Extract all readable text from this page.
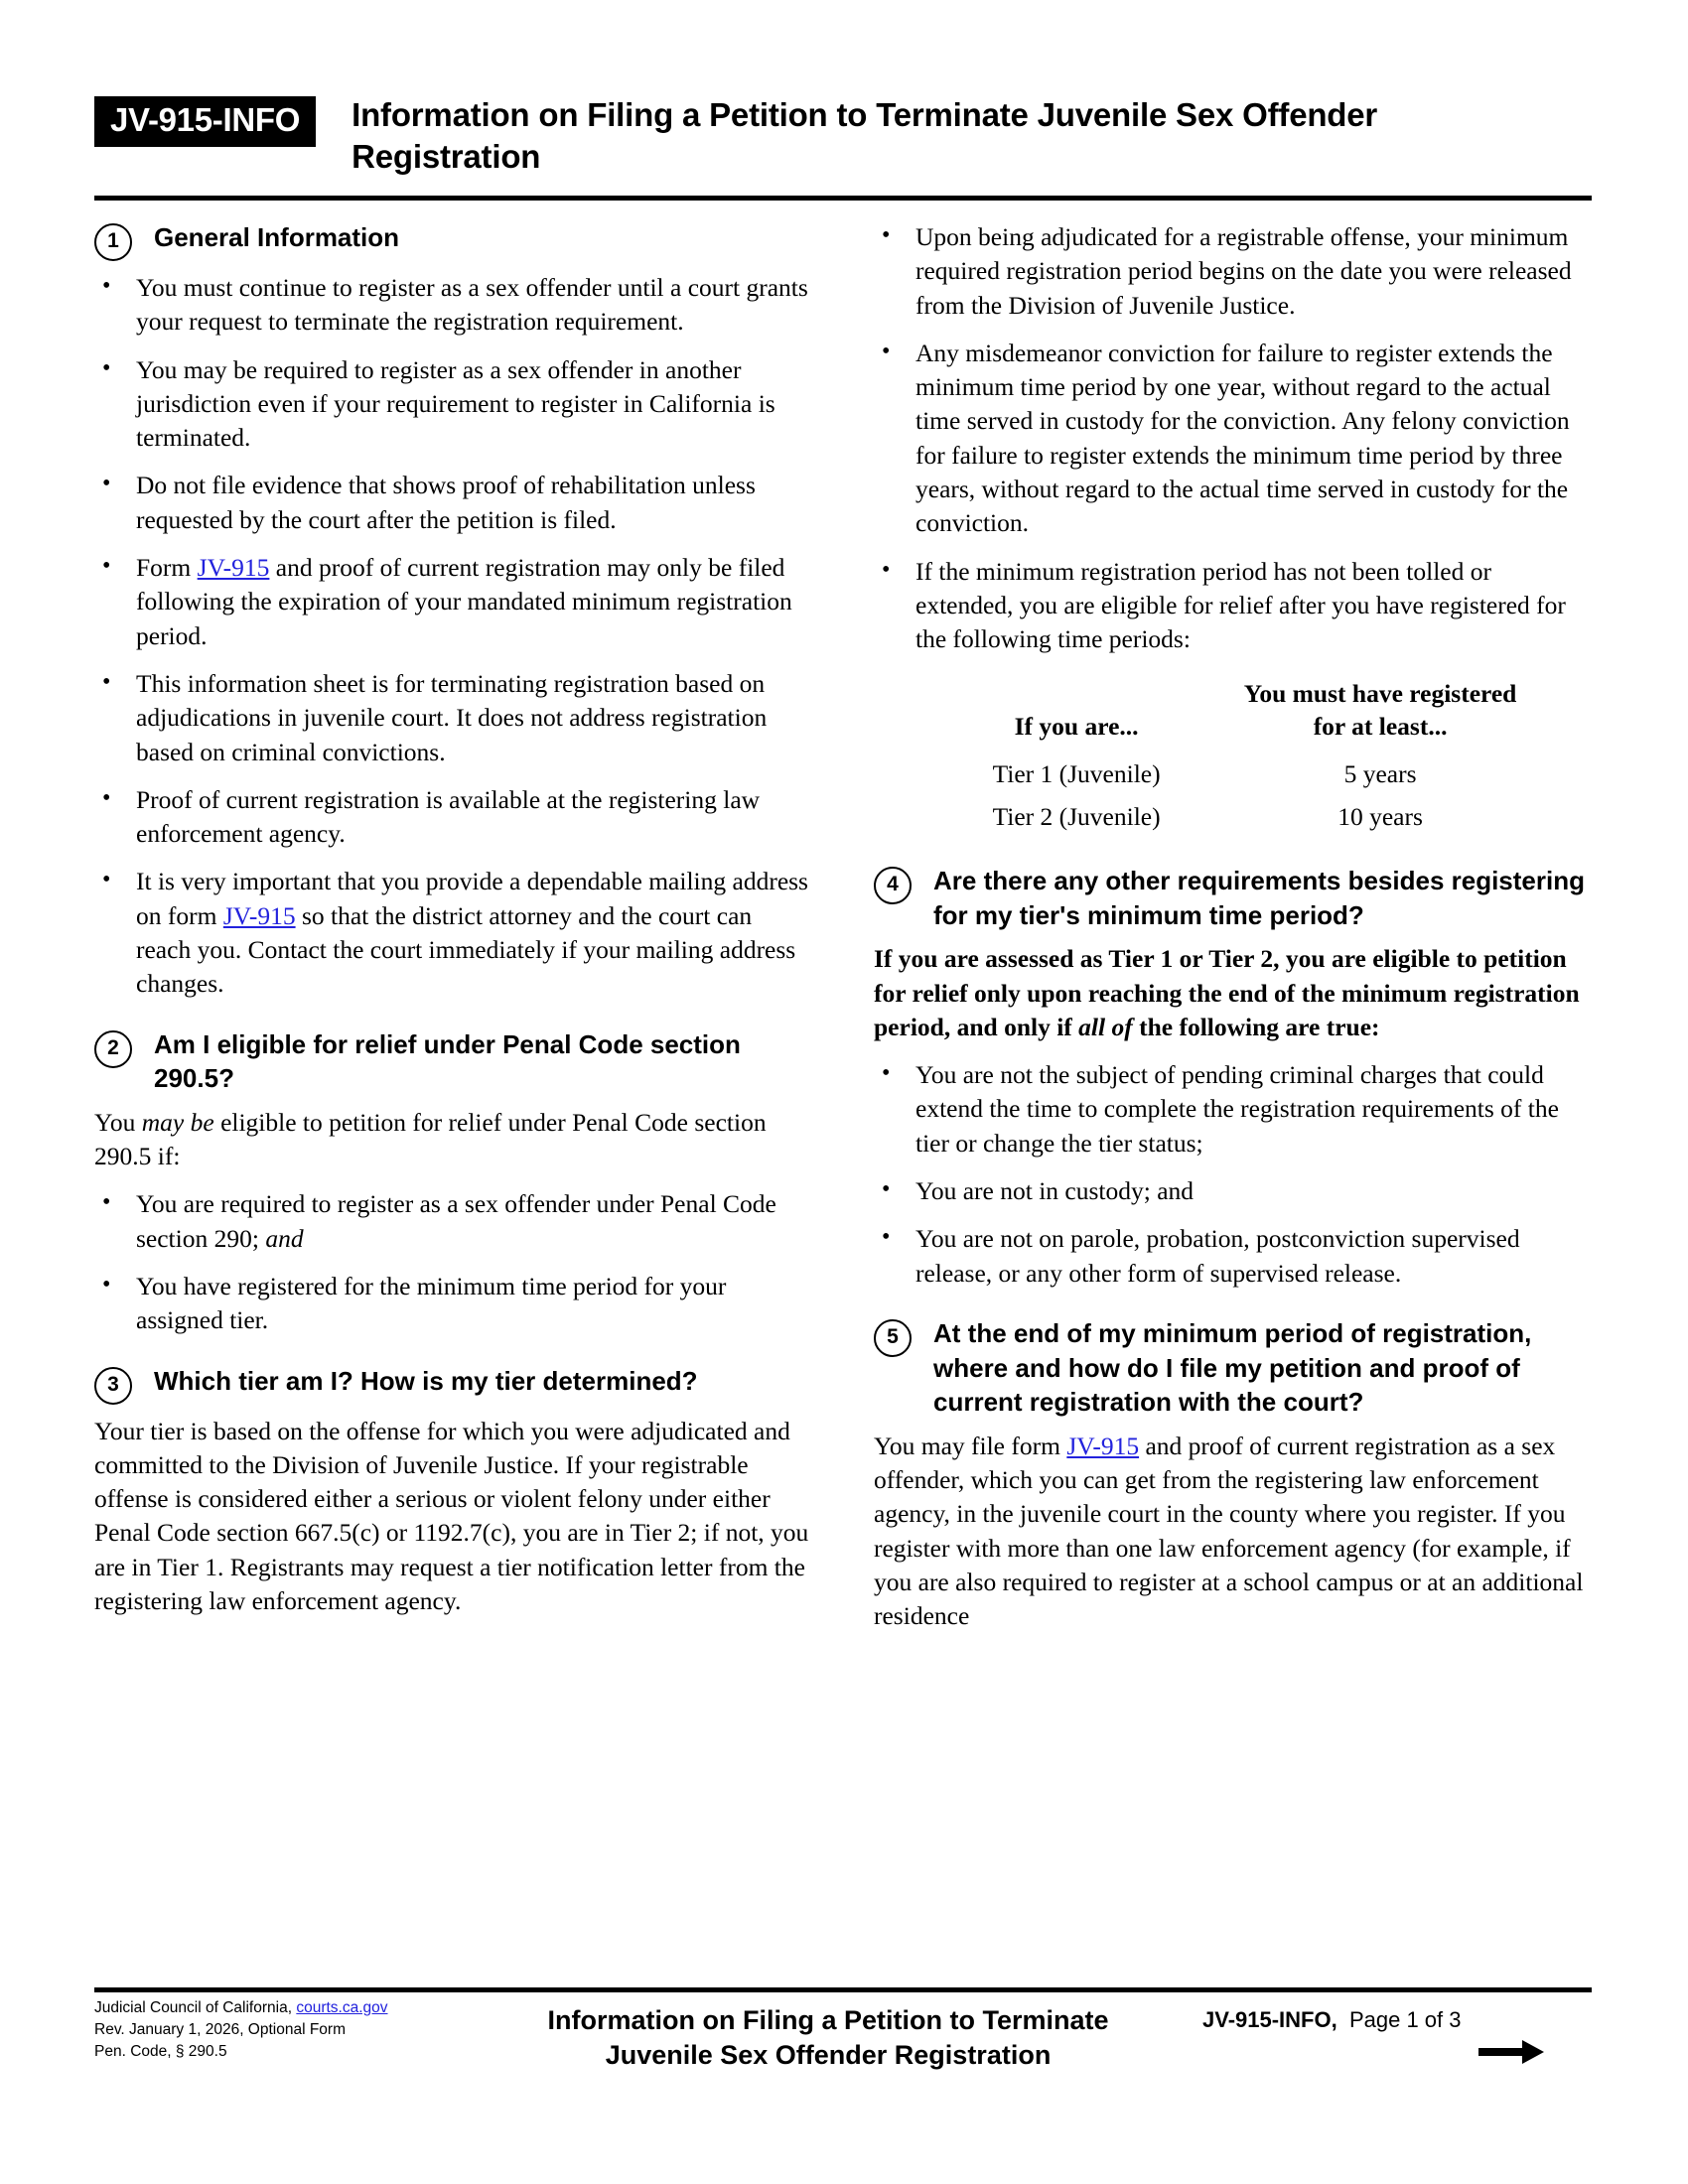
JV-915-INFO	Information on Filing a Petition to Terminate Juvenile Sex Offender Registration
1	General Information
• You must continue to register as a sex offender until a court grants your request to terminate the registration requirement.
• You may be required to register as a sex offender in another jurisdiction even if your requirement to register in California is terminated.
• Do not file evidence that shows proof of rehabilitation unless requested by the court after the petition is filed.
• Form JV-915 and proof of current registration may only be filed following the expiration of your mandated minimum registration period.
• This information sheet is for terminating registration based on adjudications in juvenile court. It does not address registration based on criminal convictions.
• Proof of current registration is available at the registering law enforcement agency.
• It is very important that you provide a dependable mailing address on form JV-915 so that the district attorney and the court can reach you. Contact the court immediately if your mailing address changes.
2	Am I eligible for relief under Penal Code section 290.5?

You may be eligible to petition for relief under Penal Code section 290.5 if:

• You are required to register as a sex offender under Penal Code section 290; and
• You have registered for the minimum time period for your assigned tier.
3	Which tier am I? How is my tier determined?

Your tier is based on the offense for which you were adjudicated and committed to the Division of Juvenile Justice. If your registrable offense is considered either a serious or violent felony under either Penal Code section 667.5(c) or 1192.7(c), you are in Tier 2; if not, you are in Tier 1. Registrants may request a tier notification letter from the registering law enforcement agency.

• Upon being adjudicated for a registrable offense, your minimum required registration period begins on the date you were released from the Division of Juvenile Justice.
• Any misdemeanor conviction for failure to register extends the minimum time period by one year, without regard to the actual time served in custody for the conviction. Any felony conviction for failure to register extends the minimum time period by three years, without regard to the actual time served in custody for the conviction.
• If the minimum registration period has not been tolled or extended, you are eligible for relief after you have registered for the following time periods:
If you are...	You must have registered for at least...
Tier 1 (Juvenile)	5 years
Tier 2 (Juvenile)	10 years
4	Are there any other requirements besides registering for my tier's minimum time period?

If you are assessed as Tier 1 or Tier 2, you are eligible to petition for relief only upon reaching the end of the minimum registration period, and only if all of the following are true:

• You are not the subject of pending criminal charges that could extend the time to complete the registration requirements of the tier or change the tier status;
• You are not in custody; and
• You are not on parole, probation, postconviction supervised release, or any other form of supervised release.
5	At the end of my minimum period of registration, where and how do I file my petition and proof of current registration with the court?

You may file form JV-915 and proof of current registration as a sex offender, which you can get from the registering law enforcement agency, in the juvenile court in the county where you register. If you register with more than one law enforcement agency (for example, if you are also required to register at a school campus or at an additional residence

Judicial Council of California, courts.ca.gov
Rev. January 1, 2026, Optional Form
Pen. Code, § 290.5
Information on Filing a Petition to Terminate
Juvenile Sex Offender Registration
JV-915-INFO, Page 1 of 3
